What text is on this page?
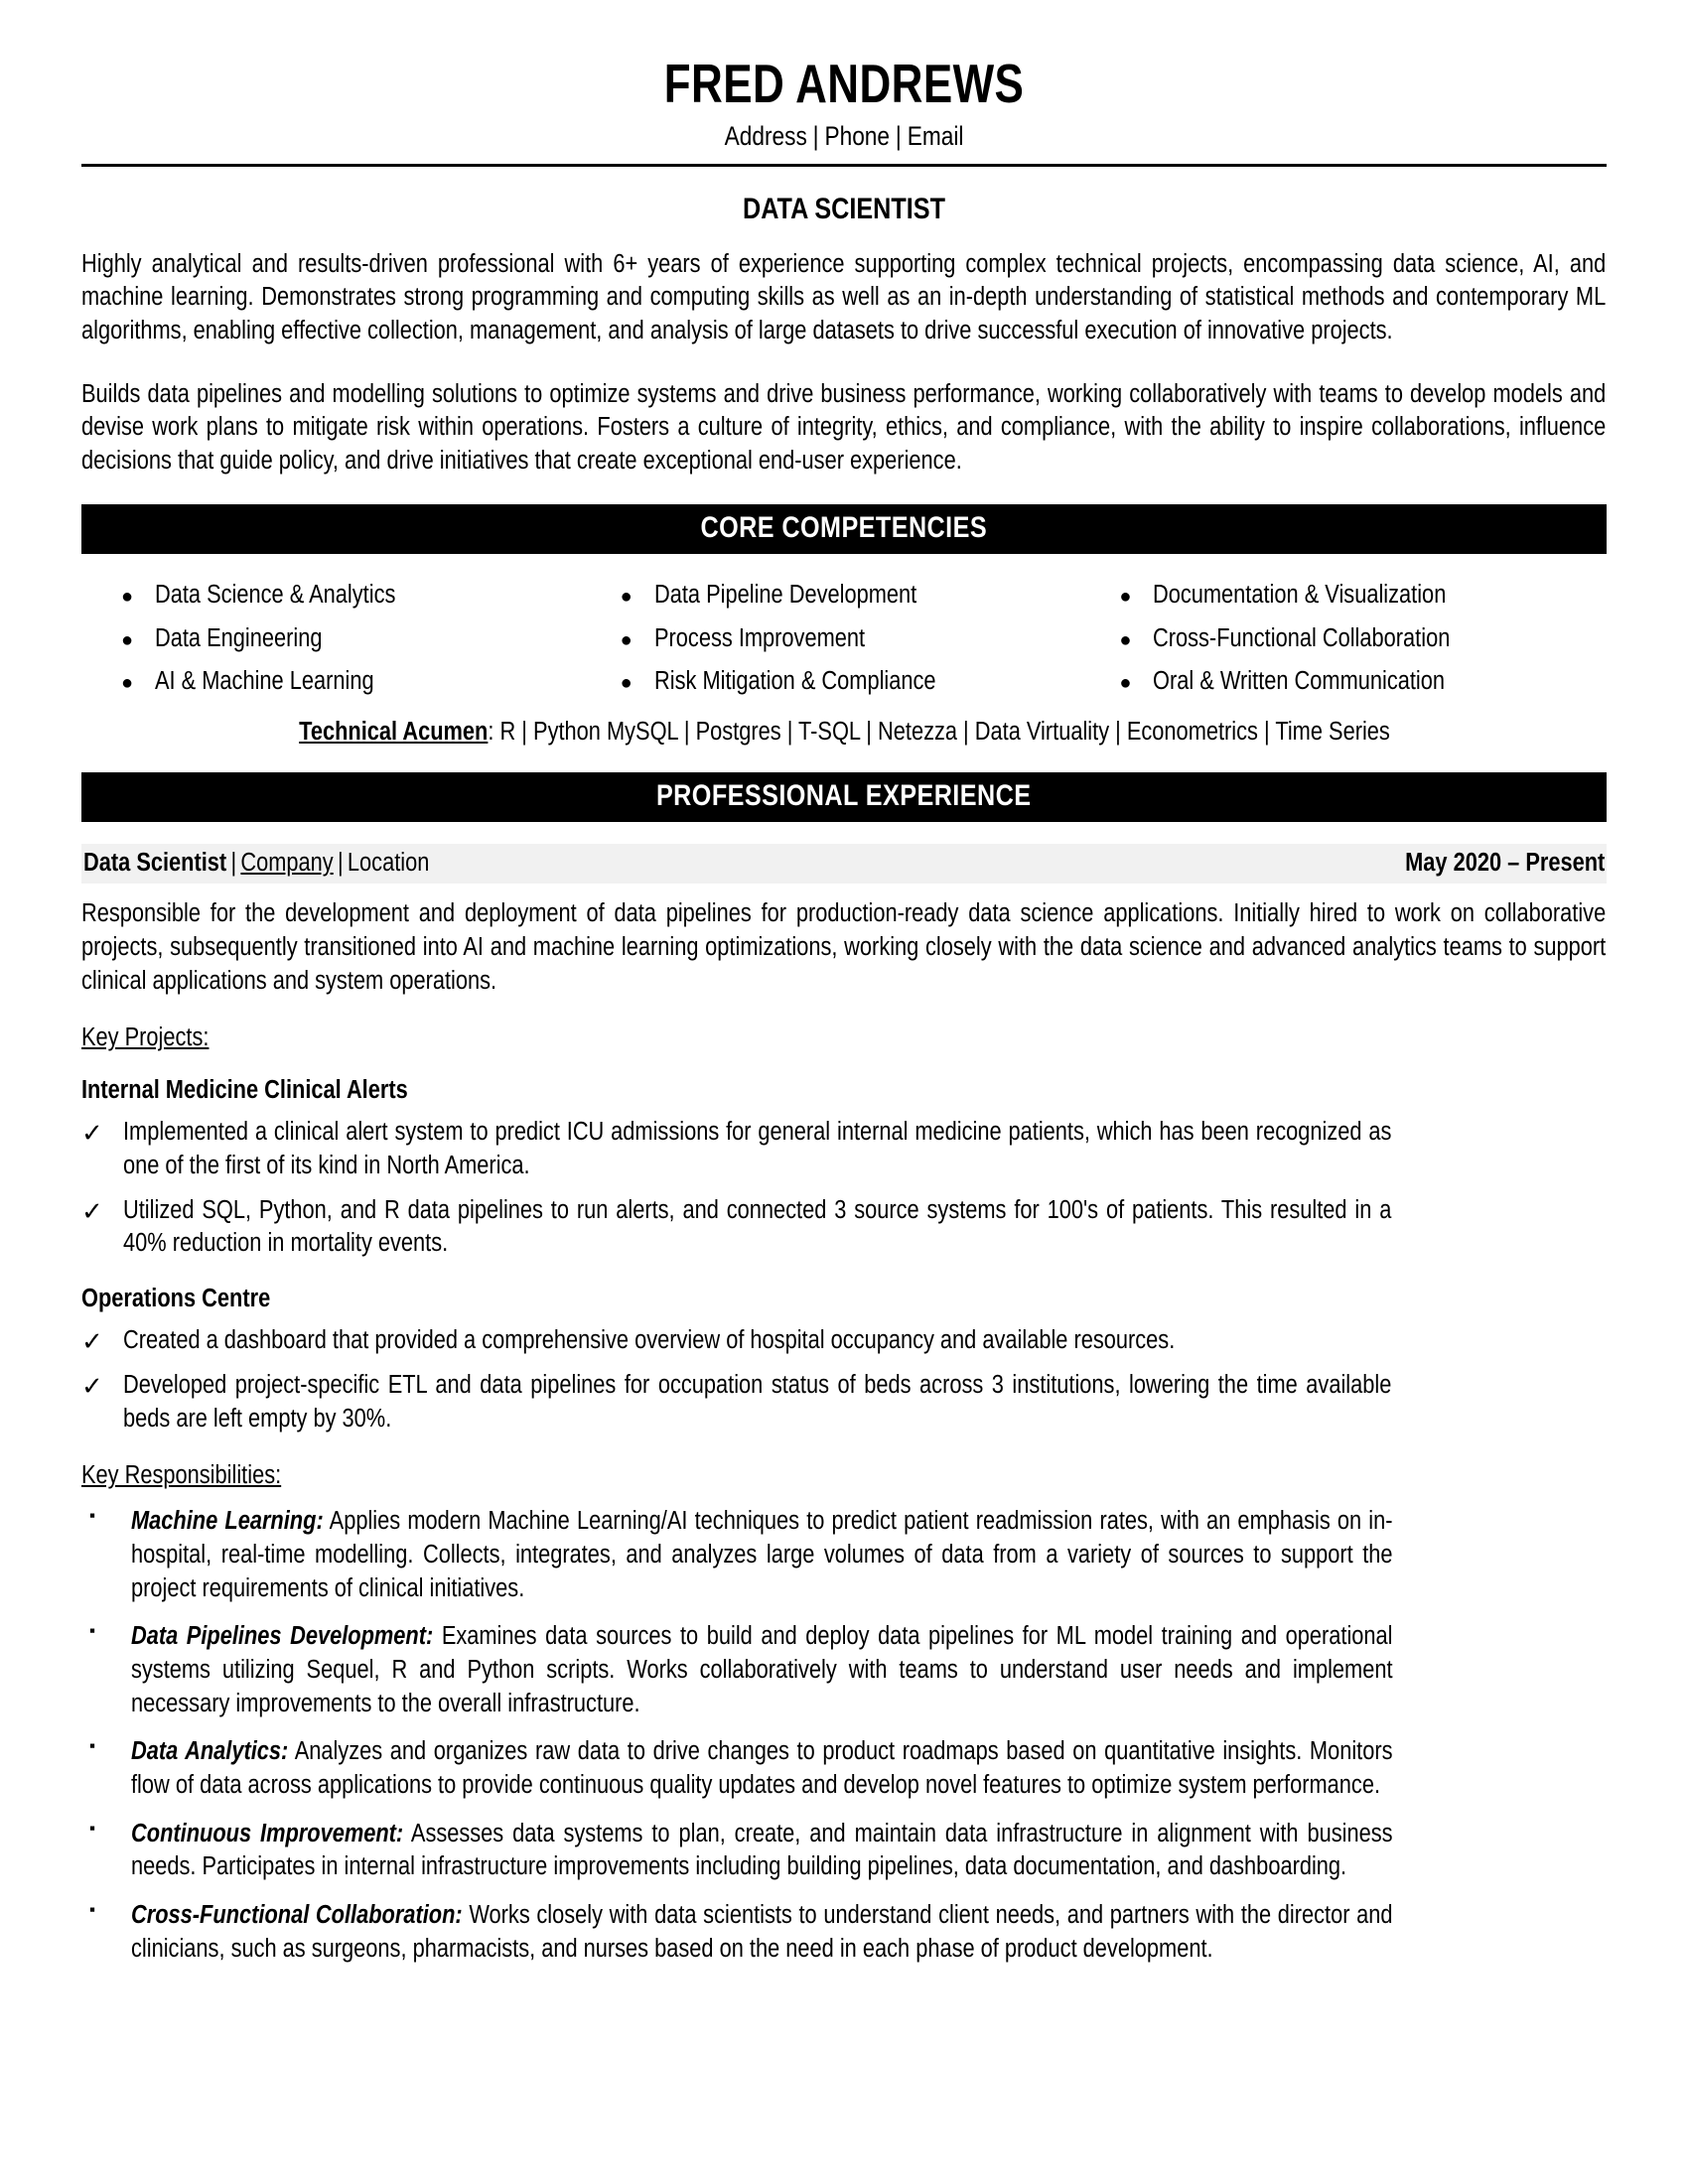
FRED ANDREWS
Address | Phone | Email
DATA SCIENTIST
Highly analytical and results-driven professional with 6+ years of experience supporting complex technical projects, encompassing data science, AI, and machine learning. Demonstrates strong programming and computing skills as well as an in-depth understanding of statistical methods and contemporary ML algorithms, enabling effective collection, management, and analysis of large datasets to drive successful execution of innovative projects.
Builds data pipelines and modelling solutions to optimize systems and drive business performance, working collaboratively with teams to develop models and devise work plans to mitigate risk within operations. Fosters a culture of integrity, ethics, and compliance, with the ability to inspire collaborations, influence decisions that guide policy, and drive initiatives that create exceptional end-user experience.
CORE COMPETENCIES
● Data Science & Analytics	● Data Pipeline Development	● Documentation & Visualization
● Data Engineering	● Process Improvement	● Cross-Functional Collaboration
● AI & Machine Learning	● Risk Mitigation & Compliance	● Oral & Written Communication
Technical Acumen: R | Python MySQL | Postgres | T-SQL | Netezza | Data Virtuality | Econometrics | Time Series
PROFESSIONAL EXPERIENCE
Data Scientist | Company | Location	May 2020 – Present
Responsible for the development and deployment of data pipelines for production-ready data science applications. Initially hired to work on collaborative projects, subsequently transitioned into AI and machine learning optimizations, working closely with the data science and advanced analytics teams to support clinical applications and system operations.
Key Projects:
Internal Medicine Clinical Alerts
✓ Implemented a clinical alert system to predict ICU admissions for general internal medicine patients, which has been recognized as one of the first of its kind in North America.
✓ Utilized SQL, Python, and R data pipelines to run alerts, and connected 3 source systems for 100's of patients. This resulted in a 40% reduction in mortality events.
Operations Centre
✓ Created a dashboard that provided a comprehensive overview of hospital occupancy and available resources.
✓ Developed project-specific ETL and data pipelines for occupation status of beds across 3 institutions, lowering the time available beds are left empty by 30%.
Key Responsibilities:
▪	Machine Learning: Applies modern Machine Learning/AI techniques to predict patient readmission rates, with an emphasis on in-hospital, real-time modelling. Collects, integrates, and analyzes large volumes of data from a variety of sources to support the project requirements of clinical initiatives.
▪	Data Pipelines Development: Examines data sources to build and deploy data pipelines for ML model training and operational systems utilizing Sequel, R and Python scripts. Works collaboratively with teams to understand user needs and implement necessary improvements to the overall infrastructure.
▪	Data Analytics: Analyzes and organizes raw data to drive changes to product roadmaps based on quantitative insights. Monitors flow of data across applications to provide continuous quality updates and develop novel features to optimize system performance.
▪	Continuous Improvement: Assesses data systems to plan, create, and maintain data infrastructure in alignment with business needs. Participates in internal infrastructure improvements including building pipelines, data documentation, and dashboarding.
▪	Cross-Functional Collaboration: Works closely with data scientists to understand client needs, and partners with the director and clinicians, such as surgeons, pharmacists, and nurses based on the need in each phase of product development.
